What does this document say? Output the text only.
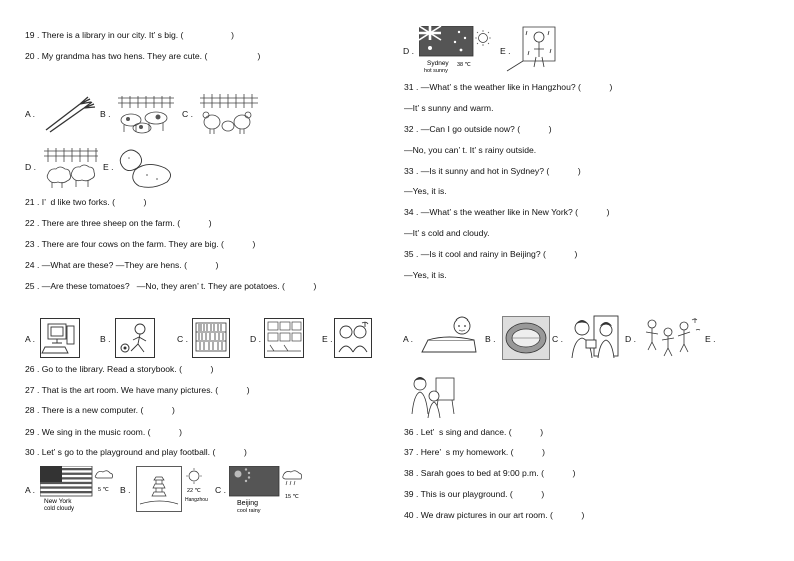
19 . There is a library in our city. It’ s big. (                    )
20 . My grandma has two hens. They are cute. (                     )
A .	B .	C .
D .	E .
21 . I’  d like two forks. (            )
22 . There are three sheep on the farm. (            )
23 . There are four cows on the farm. They are big. (            )
24 . —What are these? —They are hens. (            )
25 . —Are these tomatoes?   —No, they aren’ t. They are potatoes. (            )
A .	B .	C .	D .	E .
26 . Go to the library. Read a storybook. (            )
27 . That is the art room. We have many pictures. (            )
28 . There is a new computer. (            )
29 . We sing in the music room. (            )
30 . Let’ s go to the playground and play football. (            )
A .
New York
cold cloudy
5 ℃ B .	22 ℃
Hangzhou
C .
Beijing
cool rainy
15 ℃
D .
Sydney
hot sunny
38 ℃
E .
31 . —What’ s the weather like in Hangzhou? (            )
—It’ s sunny and warm.
32 . —Can I go outside now? (            )
—No, you can’ t. It’ s rainy outside.
33 . —Is it sunny and hot in Sydney? (            )
—Yes, it is.
34 . —What’ s the weather like in New York? (            )
—It’ s cold and cloudy.
35 . —Is it cool and rainy in Beijing? (            )
—Yes, it is.
A .	B .	C .	D .	E .
36 . Let’  s sing and dance. (            )
37 . Here’  s my homework. (            )
38 . Sarah goes to bed at 9:00 p.m. (            )
39 . This is our playground. (            )
40 . We draw pictures in our art room. (            )
